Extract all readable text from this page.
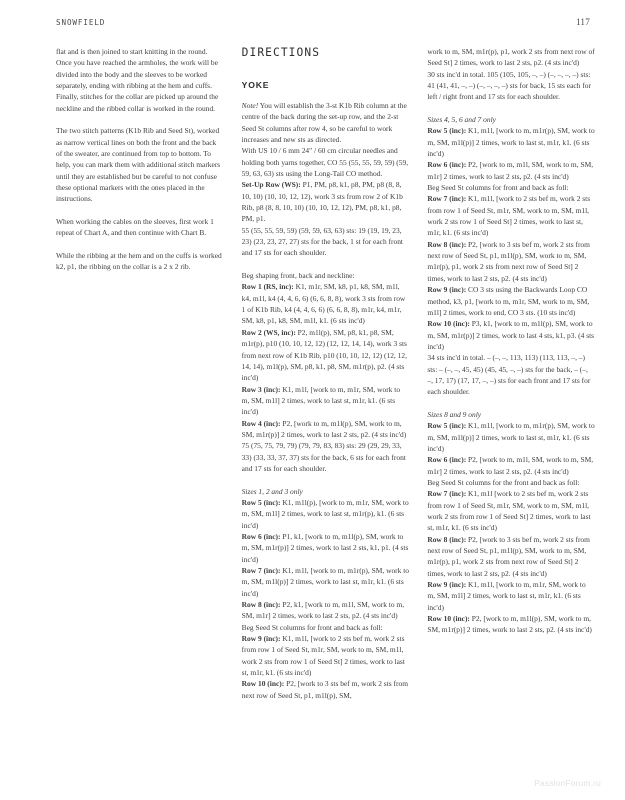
SNOWFIELD	117

flat and is then joined to start knitting in the round. Once you have reached the armholes, the work will be divided into the body and the sleeves to be worked separately, ending with ribbing at the hem and cuffs. Finally, stitches for the collar are picked up around the neckline and the ribbed collar is worked in the round.

The two stitch patterns (K1b Rib and Seed St), worked as narrow vertical lines on both the front and the back of the sweater, are continued from top to bottom. To help, you can mark them with additional stitch markers until they are established but be careful to not confuse these optional markers with the ones placed in the instructions.

When working the cables on the sleeves, first work 1 repeat of Chart A, and then continue with Chart B.

While the ribbing at the hem and on the cuffs is worked k2, p1, the ribbing on the collar is a 2 x 2 rib.

DIRECTIONS
YOKE

Note! You will establish the 3-st K1b Rib column at the centre of the back during the set-up row, and the 2-st Seed St columns after row 4, so be careful to work increases and new sts as directed.

With US 10 / 6 mm 24" / 60 cm circular needles and holding both yarns together, CO 55 (55, 55, 59, 59) (59, 59, 63, 63) sts using the Long-Tail CO method.

Set-Up Row (WS): P1, PM, p8, k1, p8, PM, p8 (8, 8, 10, 10) (10, 10, 12, 12), work 3 sts from row 2 of K1b Rib, p8 (8, 8, 10, 10) (10, 10, 12, 12), PM, p8, k1, p8, PM, p1.

55 (55, 55, 59, 59) (59, 59, 63, 63) sts: 19 (19, 19, 23, 23) (23, 23, 27, 27) sts for the back, 1 st for each front and 17 sts for each shoulder.

Beg shaping front, back and neckline:

Row 1 (RS, inc): K1, m1r, SM, k8, p1, k8, SM, m1l, k4, m1l, k4 (4, 4, 6, 6) (6, 6, 8, 8), work 3 sts from row 1 of K1b Rib, k4 (4, 4, 6, 6) (6, 6, 8, 8), m1r, k4, m1r, SM, k8, p1, k8, SM, m1l, k1. (6 sts inc'd)

Row 2 (WS, inc): P2, m1l(p), SM, p8, k1, p8, SM, m1r(p), p10 (10, 10, 12, 12) (12, 12, 14, 14), work 3 sts from next row of K1b Rib, p10 (10, 10, 12, 12) (12, 12, 14, 14), m1l(p), SM, p8, k1, p8, SM, m1r(p), p2. (4 sts inc'd)

Row 3 (inc): K1, m1l, [work to m, m1r, SM, work to m, SM, m1l] 2 times, work to last st, m1r, k1. (6 sts inc'd)

Row 4 (inc): P2, [work to m, m1l(p), SM, work to m, SM, m1r(p)] 2 times, work to last 2 sts, p2. (4 sts inc'd)

75 (75, 75, 79, 79) (79, 79, 83, 83) sts: 29 (29, 29, 33, 33) (33, 33, 37, 37) sts for the back, 6 sts for each front and 17 sts for each shoulder.

Sizes 1, 2 and 3 only

Row 5 (inc): K1, m1l(p), [work to m, m1r, SM, work to m, SM, m1l] 2 times, work to last st, m1r(p), k1. (6 sts inc'd)

Row 6 (inc): P1, k1, [work to m, m1l(p), SM, work to m, SM, m1r(p)] 2 times, work to last 2 sts, k1, p1. (4 sts inc'd)

Row 7 (inc): K1, m1l, [work to m, m1r(p), SM, work to m, SM, m1l(p)] 2 times, work to last st, m1r, k1. (6 sts inc'd)

Row 8 (inc): P2, k1, [work to m, m1l, SM, work to m, SM, m1r] 2 times, work to last 2 sts, p2. (4 sts inc'd)

Beg Seed St columns for front and back as foll:

Row 9 (inc): K1, m1l, [work to 2 sts bef m, work 2 sts from row 1 of Seed St, m1r, SM, work to m, SM, m1l, work 2 sts from row 1 of Seed St] 2 times, work to last st, m1r, k1. (6 sts inc'd)

Row 10 (inc): P2, [work to 3 sts bef m, work 2 sts from next row of Seed St, p1, m1l(p), SM,

work to m, SM, m1r(p), p1, work 2 sts from next row of Seed St] 2 times, work to last 2 sts, p2. (4 sts inc'd)

30 sts inc'd in total. 105 (105, 105, –, –) (–, –, –, –) sts: 41 (41, 41, –, –) (–, –, –, –) sts for back, 15 sts each for left / right front and 17 sts for each shoulder.

Sizes 4, 5, 6 and 7 only

Row 5 (inc): K1, m1l, [work to m, m1r(p), SM, work to m, SM, m1l(p)] 2 times, work to last st, m1r, k1. (6 sts inc'd)

Row 6 (inc): P2, [work to m, m1l, SM, work to m, SM, m1r] 2 times, work to last 2 sts, p2. (4 sts inc'd)

Beg Seed St columns for front and back as foll:

Row 7 (inc): K1, m1l, [work to 2 sts bef m, work 2 sts from row 1 of Seed St, m1r, SM, work to m, SM, m1l, work 2 sts row 1 of Seed St] 2 times, work to last st, m1r, k1. (6 sts inc'd)

Row 8 (inc): P2, [work to 3 sts bef m, work 2 sts from next row of Seed St, p1, m1l(p), SM, work to m, SM, m1r(p), p1, work 2 sts from next row of Seed St] 2 times, work to last 2 sts, p2. (4 sts inc'd)

Row 9 (inc): CO 3 sts using the Backwards Loop CO method, k3, p1, [work to m, m1r, SM, work to m, SM, m1l] 2 times, work to end, CO 3 sts. (10 sts inc'd)

Row 10 (inc): P3, k1, [work to m, m1l(p), SM, work to m, SM, m1r(p)] 2 times, work to last 4 sts, k1, p3. (4 sts inc'd)

34 sts inc'd in total. – (–, –, 113, 113) (113, 113, –, –) sts: – (–, –, 45, 45) (45, 45, –, –) sts for the back, – (–, –, 17, 17) (17, 17, –, –) sts for each front and 17 sts for each shoulder.

Sizes 8 and 9 only

Row 5 (inc): K1, m1l, [work to m, m1r(p), SM, work to m, SM, m1l(p)] 2 times, work to last st, m1r, k1. (6 sts inc'd)

Row 6 (inc): P2, [work to m, m1l, SM, work to m, SM, m1r] 2 times, work to last 2 sts, p2. (4 sts inc'd)

Beg Seed St columns for the front and back as foll:

Row 7 (inc): K1, m1l [work to 2 sts bef m, work 2 sts from row 1 of Seed St, m1r, SM, work to m, SM, m1l, work 2 sts from row 1 of Seed St] 2 times, work to last st, m1r, k1. (6 sts inc'd)

Row 8 (inc): P2, [work to 3 sts bef m, work 2 sts from next row of Seed St, p1, m1l(p), SM, work to m, SM, m1r(p), p1, work 2 sts from next row of Seed St] 2 times, work to last 2 sts, p2. (4 sts inc'd)

Row 9 (inc): K1, m1l, [work to m, m1r, SM, work to m, SM, m1l] 2 times, work to last st, m1r, k1. (6 sts inc'd)

Row 10 (inc): P2, [work to m, m1l(p), SM, work to m, SM, m1r(p)] 2 times, work to last 2 sts, p2. (4 sts inc'd)

PassionForum.ru
